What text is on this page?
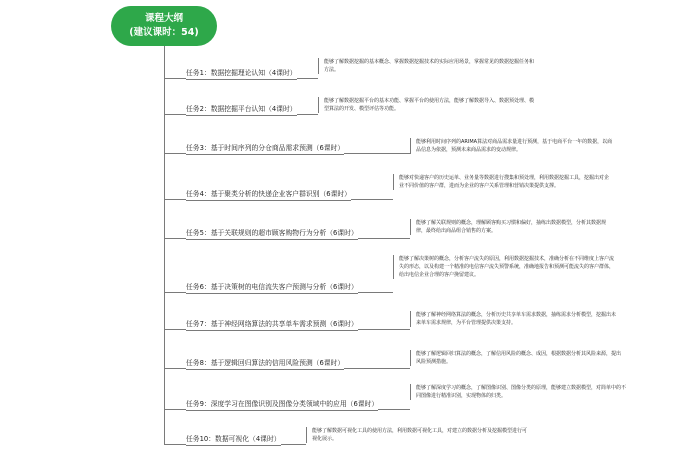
课程大纲
(建议课时：54)
任务1：数据挖掘理论认知（4课时）
能够了解数据挖掘的基本概念、掌握数据挖掘技术的实际应用场景，掌握常见的数据挖掘任务和方法。
任务2：数据挖掘平台认知（4课时）
能够了解数据挖掘平台的基本功能、掌握平台的使用方法，能够了解数据导入、数据预处理、模型算法的开发、模型评估等功能。
任务3：基于时间序列的分仓商品需求预测（6课时）
能够利用时间序列的ARIMA算法对商品需求量进行预测，基于电商平台一年的数据，以商品信息为依据，预测未来商品需求的变动规律。
任务4：基于聚类分析的快递企业客户群识别（6课时）
能够对快递客户的历史运单、业务量等数据进行搜集和预处理，利用数据挖掘工具，挖掘出对企业不同价值的客户群，进而为企业的客户关系管理和营销决策提供支撑。
任务5：基于关联规则的超市顾客购物行为分析（6课时）
能够了解关联规则的概念，理解顾客购买习惯和偏好，抽练出数据模型，分析其数据规律，最终给出商品组合销售的方案。
任务6：基于决策树的电信流失客户预测与分析（6课时）
能够了解决策树的概念，分析客户流失的原因，利用数据挖掘技术，准确分析在不同维度上客户流失的形态，以及构建一个精准的电信客户流失预警系统，准确地报告和预测可能流失的客户群体，给出电信企业合理的客户挽留建议。
任务7：基于神经网络算法的共享单车需求预测（6课时）
能够了解神经网络算法的概念，分析历史共享单车需求数据，抽练需求分析模型，挖掘出未来单车需求规律，为平台管理提供决策支持。
任务8：基于逻辑回归算法的信用风险预测（6课时）
能够了解逻辑回归算法的概念，了解信用风险的概念、成因，根据数据分析其风险来源，提出风险预测措施。
任务9：深度学习在图像识别及图像分类领域中的应用（6课时）
能够了解深度学习的概念，了解图像识别、图像分类的原理，能够建立数据模型，对简单中的不同图像进行精准识别，实现物体的归类。
任务10：数据可视化（4课时）
能够了解数据可视化工具的使用方法，利用数据可视化工具，对建立的数据分析及挖掘模型进行可视化展示。
